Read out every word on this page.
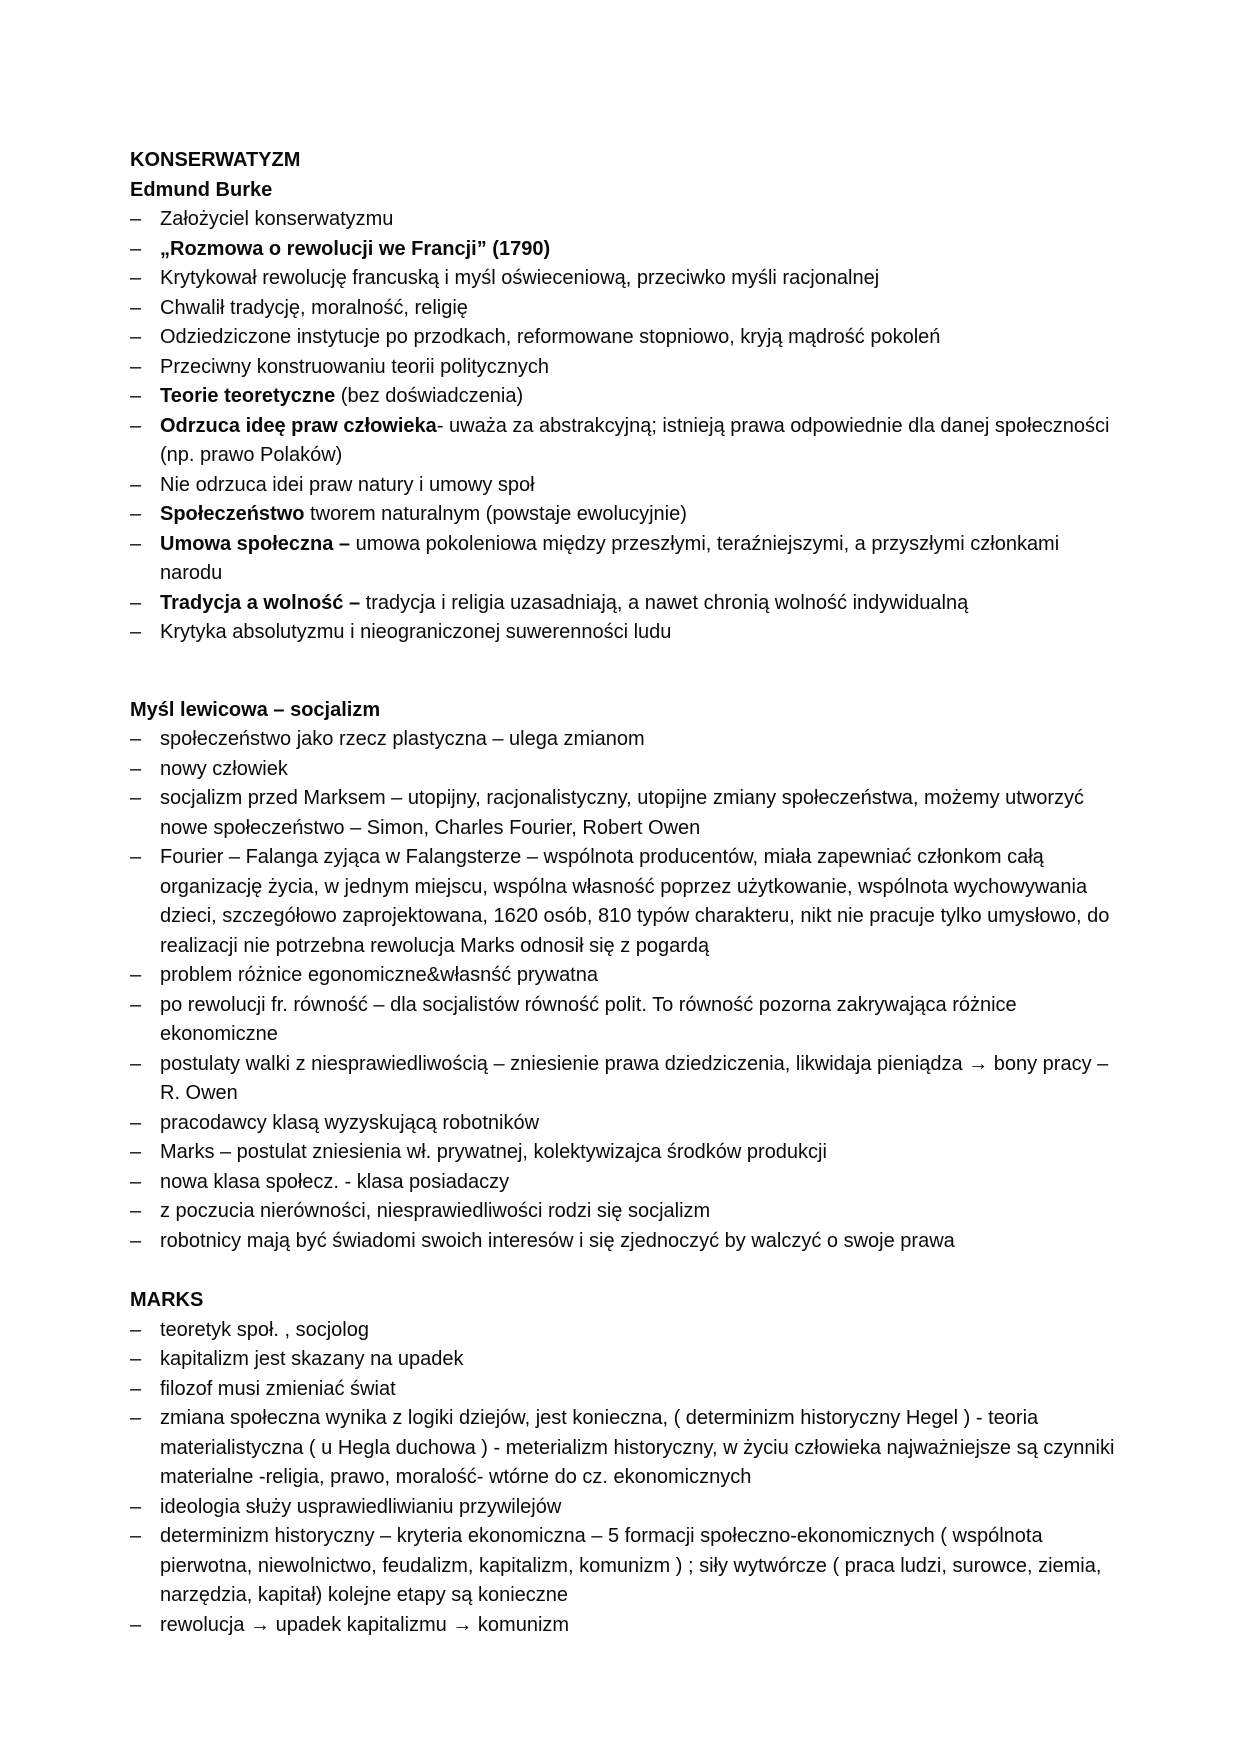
KONSERWATYZM

Edmund Burke

– Założyciel konserwatyzmu
– „Rozmowa o rewolucji we Francji” (1790)
– Krytykował rewolucję francuską i myśl oświeceniową, przeciwko myśli racjonalnej
– Chwalił tradycję, moralność, religię
– Odziedziczone instytucje po przodkach, reformowane stopniowo, kryją mądrość pokoleń
– Przeciwny konstruowaniu teorii politycznych
– Teorie teoretyczne (bez doświadczenia)
– Odrzuca ideę praw człowieka- uważa za abstrakcyjną; istnieją prawa odpowiednie dla danej społeczności (np. prawo Polaków)
– Nie odrzuca idei praw natury i umowy społ
– Społeczeństwo tworem naturalnym (powstaje ewolucyjnie)
– Umowa społeczna – umowa pokoleniowa między przeszłymi, teraźniejszymi, a przyszłymi członkami narodu
– Tradycja a wolność – tradycja i religia uzasadniają, a nawet chronią wolność indywidualną
– Krytyka absolutyzmu i nieograniczonej suwerenności ludu

Myśl lewicowa – socjalizm

– społeczeństwo jako rzecz plastyczna – ulega zmianom
– nowy człowiek
– socjalizm przed Marksem – utopijny, racjonalistyczny, utopijne zmiany społeczeństwa, możemy utworzyć nowe społeczeństwo – Simon, Charles Fourier, Robert Owen
– Fourier – Falanga zyjąca w Falangsterze – wspólnota producentów, miała zapewniać członkom całą organizację życia, w jednym miejscu, wspólna własność poprzez użytkowanie, wspólnota wychowywania dzieci, szczegółowo zaprojektowana, 1620 osób, 810 typów charakteru, nikt nie pracuje tylko umysłowo, do realizacji nie potrzebna rewolucja Marks odnosił się z pogardą
– problem różnice egonomiczne&własnść prywatna
– po rewolucji fr. równość – dla socjalistów równość polit. To równość pozorna zakrywająca różnice ekonomiczne
– postulaty walki z niesprawiedliwością – zniesienie prawa dziedziczenia, likwidaja pieniądza → bony pracy – R. Owen
– pracodawcy klasą wyzyskującą robotników
– Marks – postulat zniesienia wł. prywatnej, kolektywizajca środków produkcji
– nowa klasa społecz. - klasa posiadaczy
– z poczucia nierówności, niesprawiedliwości rodzi się socjalizm
– robotnicy mają być świadomi swoich interesów i się zjednoczyć by walczyć o swoje prawa

MARKS

– teoretyk społ. , socjolog
– kapitalizm jest skazany na upadek
– filozof musi zmieniać świat
– zmiana społeczna wynika z logiki dziejów, jest konieczna, ( determinizm historyczny Hegel ) - teoria materialistyczna ( u Hegla duchowa ) - meterializm historyczny, w życiu człowieka najważniejsze są czynniki materialne -religia, prawo, moralość- wtórne do cz. ekonomicznych
– ideologia służy usprawiedliwianiu przywilejów
– determinizm historyczny – kryteria ekonomiczna – 5 formacji społeczno-ekonomicznych ( wspólnota pierwotna, niewolnictwo, feudalizm, kapitalizm, komunizm ) ; siły wytwórcze ( praca ludzi, surowce, ziemia, narzędzia, kapitał) kolejne etapy są konieczne
– rewolucja → upadek kapitalizmu → komunizm
